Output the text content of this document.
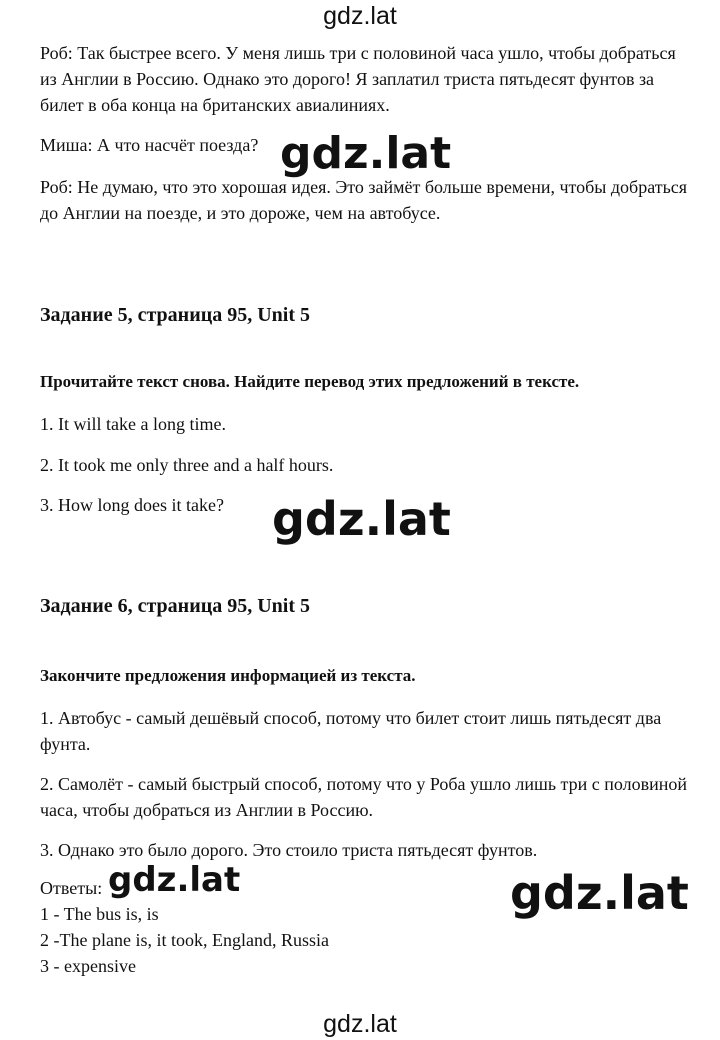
gdz.lat
Роб: Так быстрее всего. У меня лишь три с половиной часа ушло, чтобы добраться из Англии в Россию. Однако это дорого! Я заплатил триста пятьдесят фунтов за билет в оба конца на британских авиалиниях.
Миша: А что насчёт поезда?
Роб: Не думаю, что это хорошая идея. Это займёт больше времени, чтобы добраться до Англии на поезде, и это дороже, чем на автобусе.
gdz.lat
Задание 5, страница 95, Unit 5
Прочитайте текст снова. Найдите перевод этих предложений в тексте.
1. It will take a long time.
2. It took me only three and a half hours.
3. How long does it take?	gdz.lat
Задание 6, страница 95, Unit 5
Закончите предложения информацией из текста.
1. Автобус - самый дешёвый способ, потому что билет стоит лишь пятьдесят два фунта.
2. Самолёт - самый быстрый способ, потому что у Роба ушло лишь три с половиной часа, чтобы добраться из Англии в Россию.
3. Однако это было дорого. Это стоило триста пятьдесят фунтов.
Ответы:
1 - The bus is, is
2 -The plane is, it took, England, Russia
3 - expensive
gdz.lat	gdz.lat
gdz.lat
